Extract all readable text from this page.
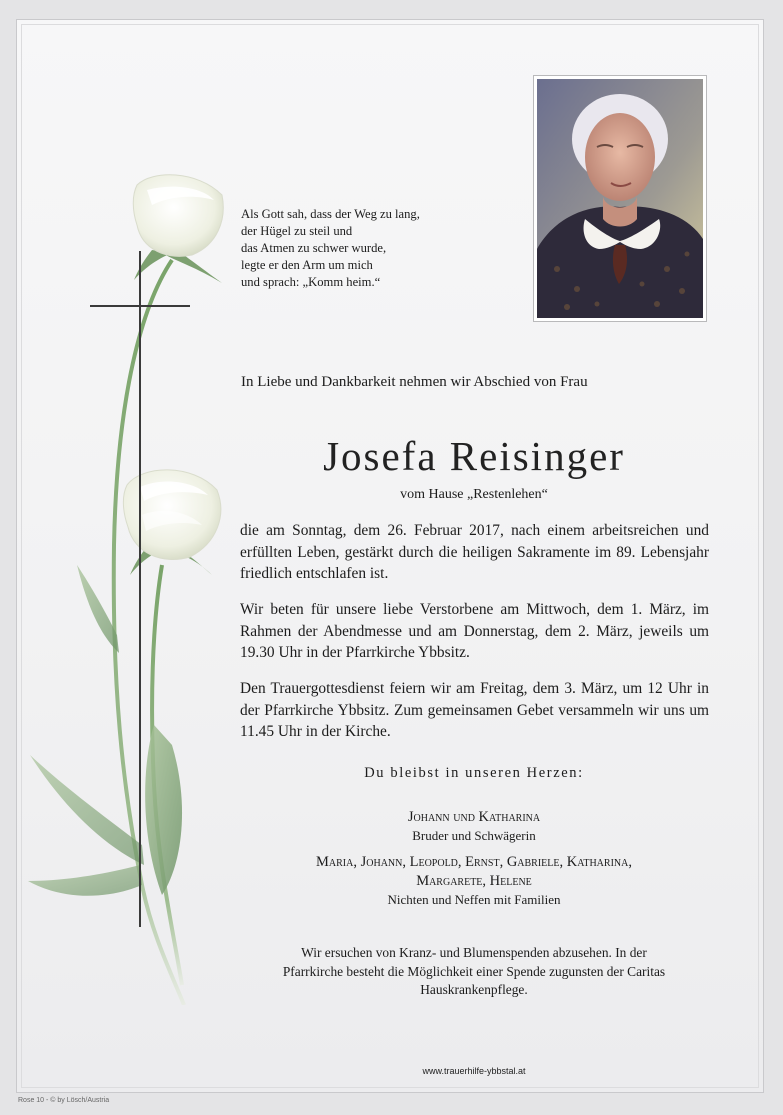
Als Gott sah, dass der Weg zu lang,
der Hügel zu steil und
das Atmen zu schwer wurde,
legte er den Arm um mich
und sprach: „Komm heim.“
In Liebe und Dankbarkeit nehmen wir Abschied von Frau
Josefa Reisinger
vom Hause „Restenlehen“
die am Sonntag, dem 26. Februar 2017, nach einem arbeitsreichen und erfüllten Leben, gestärkt durch die heiligen Sakramente im 89. Lebensjahr friedlich entschlafen ist.
Wir beten für unsere liebe Verstorbene am Mittwoch, dem 1. März, im Rahmen der Abendmesse und am Donnerstag, dem 2. März, jeweils um 19.30 Uhr in der Pfarrkirche Ybbsitz.
Den Trauergottesdienst feiern wir am Freitag, dem 3. März, um 12 Uhr in der Pfarrkirche Ybbsitz. Zum gemeinsamen Gebet versammeln wir uns um 11.45 Uhr in der Kirche.
Du bleibst in unseren Herzen:
Johann und Katharina
Bruder und Schwägerin
Maria, Johann, Leopold, Ernst, Gabriele, Katharina,
Margarete, Helene
Nichten und Neffen mit Familien
Wir ersuchen von Kranz- und Blumenspenden abzusehen. In der
Pfarrkirche besteht die Möglichkeit einer Spende zugunsten der Caritas
Hauskrankenpflege.
www.trauerhilfe-ybbstal.at
Rose 10 - © by Lösch/Austria
